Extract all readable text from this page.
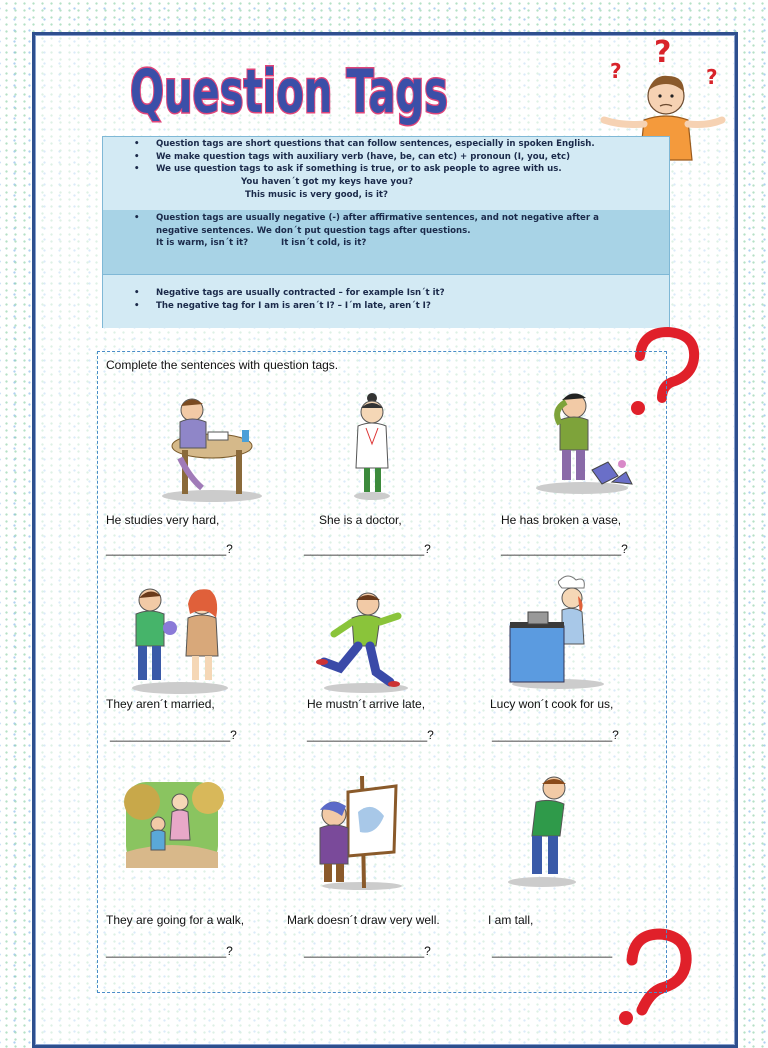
Question Tags	?
?
?
• Question tags are short questions that can follow sentences, especially in spoken English.
• We make question tags with auxiliary verb (have, be, can etc) + pronoun (I, you, etc)
• We use question tags to ask if something is true, or to ask people to agree with us.
You haven´t got my keys have you?
This music is very good, is it?
• Question tags are usually negative (-) after affirmative sentences, and not negative after a negative sentences. We don´t put question tags after questions.
It is warm, isn´t it?	It isn´t cold, is it?
• Negative tags are usually contracted – for example Isn´t it?
• The negative tag for I am is aren´t I? – I´m late, aren´t I?
Complete the sentences with question tags.
He studies very hard,	She is a doctor,	He has broken a vase,
__________________?	__________________?	__________________?
They aren´t married,	He mustn´t arrive late,	Lucy won´t cook for us,
__________________?	__________________?	__________________?
They are going for a walk,	Mark doesn´t draw very well.	I am tall,
__________________?	__________________?	__________________
